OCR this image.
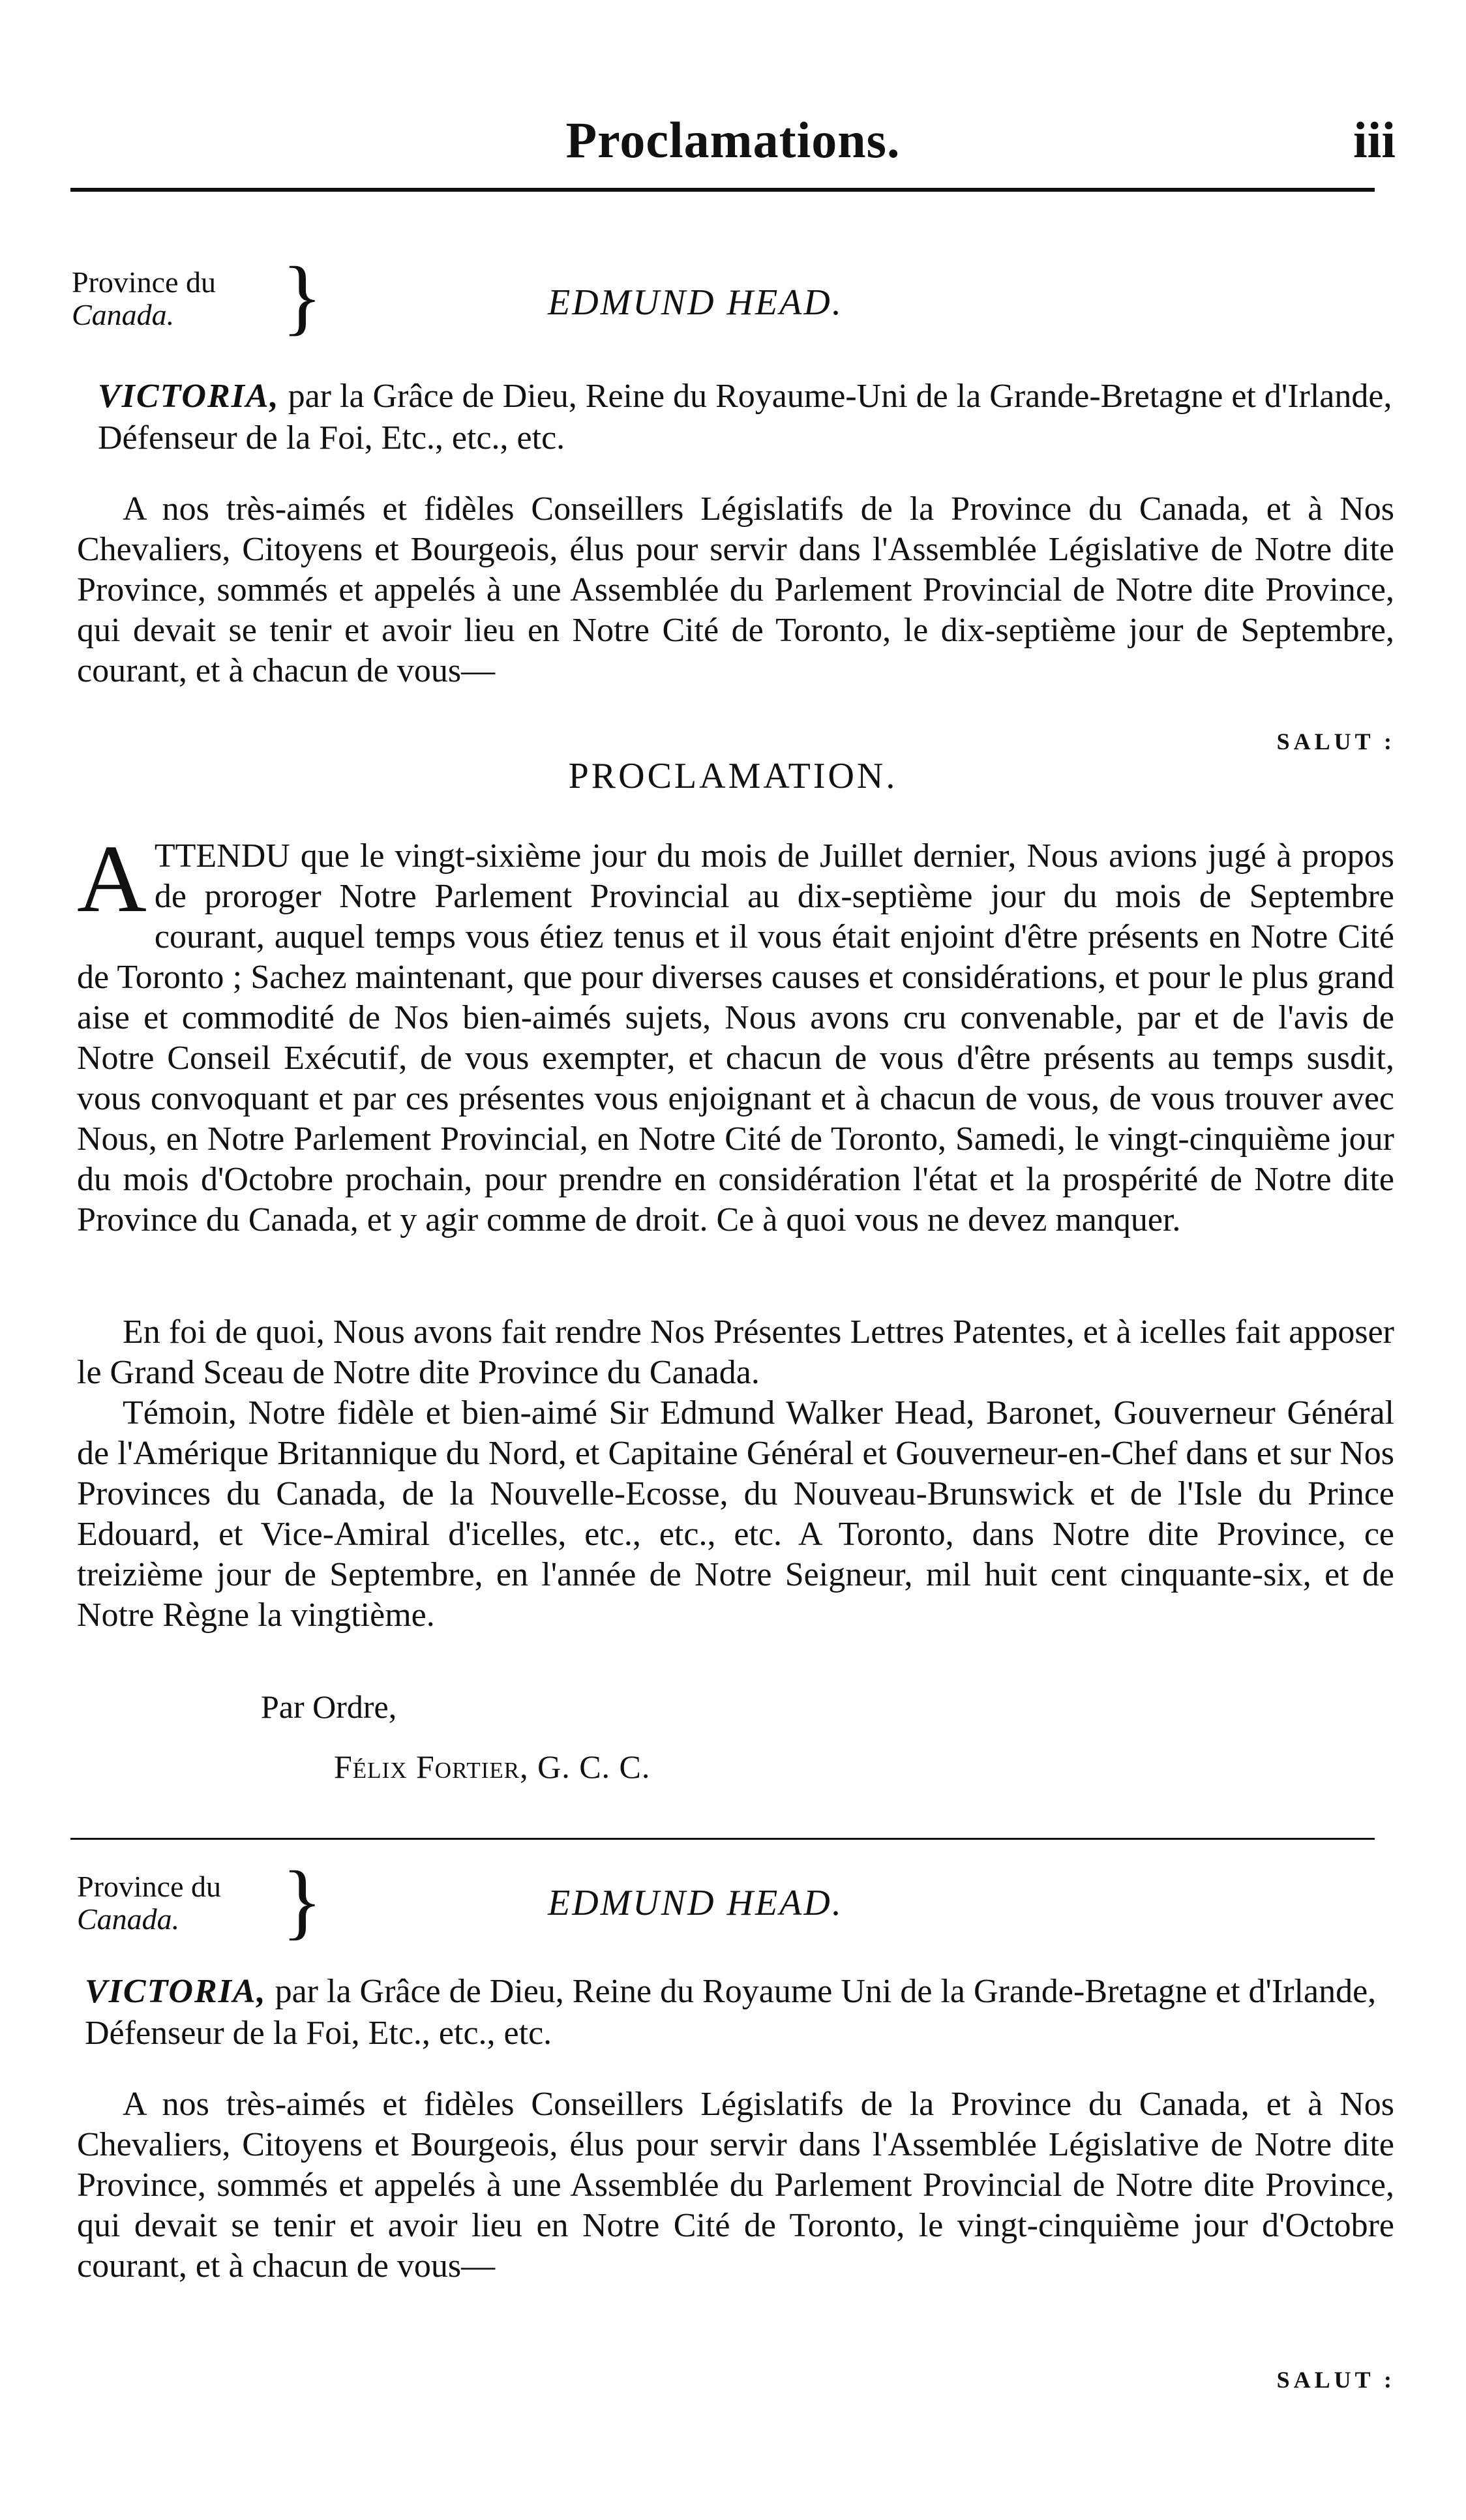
Proclamations.	iii
Province du
Canada.	}	EDMUND HEAD.
VICTORIA, par la Grâce de Dieu, Reine du Royaume-Uni de la Grande-Bretagne et d'Irlande, Défenseur de la Foi, Etc., etc., etc.
A nos très-aimés et fidèles Conseillers Législatifs de la Province du Canada, et à Nos Chevaliers, Citoyens et Bourgeois, élus pour servir dans l'Assemblée Législative de Notre dite Province, sommés et appelés à une Assemblée du Parlement Provincial de Notre dite Province, qui devait se tenir et avoir lieu en Notre Cité de Toronto, le dix-septième jour de Septembre, courant, et à chacun de vous—
SALUT :
PROCLAMATION.
ATTENDU que le vingt-sixième jour du mois de Juillet dernier, Nous avions jugé à propos de proroger Notre Parlement Provincial au dix-septième jour du mois de Septembre courant, auquel temps vous étiez tenus et il vous était enjoint d'être présents en Notre Cité de Toronto ; Sachez maintenant, que pour diverses causes et considérations, et pour le plus grand aise et commodité de Nos bien-aimés sujets, Nous avons cru convenable, par et de l'avis de Notre Conseil Exécutif, de vous exempter, et chacun de vous d'être présents au temps susdit, vous convoquant et par ces présentes vous enjoignant et à chacun de vous, de vous trouver avec Nous, en Notre Parlement Provincial, en Notre Cité de Toronto, Samedi, le vingt-cinquième jour du mois d'Octobre prochain, pour prendre en considération l'état et la prospérité de Notre dite Province du Canada, et y agir comme de droit. Ce à quoi vous ne devez manquer.
En foi de quoi, Nous avons fait rendre Nos Présentes Lettres Patentes, et à icelles fait apposer le Grand Sceau de Notre dite Province du Canada.
Témoin, Notre fidèle et bien-aimé Sir Edmund Walker Head, Baronet, Gouverneur Général de l'Amérique Britannique du Nord, et Capitaine Général et Gouverneur-en-Chef dans et sur Nos Provinces du Canada, de la Nouvelle-Ecosse, du Nouveau-Brunswick et de l'Isle du Prince Edouard, et Vice-Amiral d'icelles, etc., etc., etc. A Toronto, dans Notre dite Province, ce treizième jour de Septembre, en l'année de Notre Seigneur, mil huit cent cinquante-six, et de Notre Règne la vingtième.
Par Ordre,
Félix Fortier, G. C. C.
Province du
Canada.	}	EDMUND HEAD.
VICTORIA, par la Grâce de Dieu, Reine du Royaume Uni de la Grande-Bretagne et d'Irlande, Défenseur de la Foi, Etc., etc., etc.
A nos très-aimés et fidèles Conseillers Législatifs de la Province du Canada, et à Nos Chevaliers, Citoyens et Bourgeois, élus pour servir dans l'Assemblée Législative de Notre dite Province, sommés et appelés à une Assemblée du Parlement Provincial de Notre dite Province, qui devait se tenir et avoir lieu en Notre Cité de Toronto, le vingt-cinquième jour d'Octobre courant, et à chacun de vous—
SALUT :
